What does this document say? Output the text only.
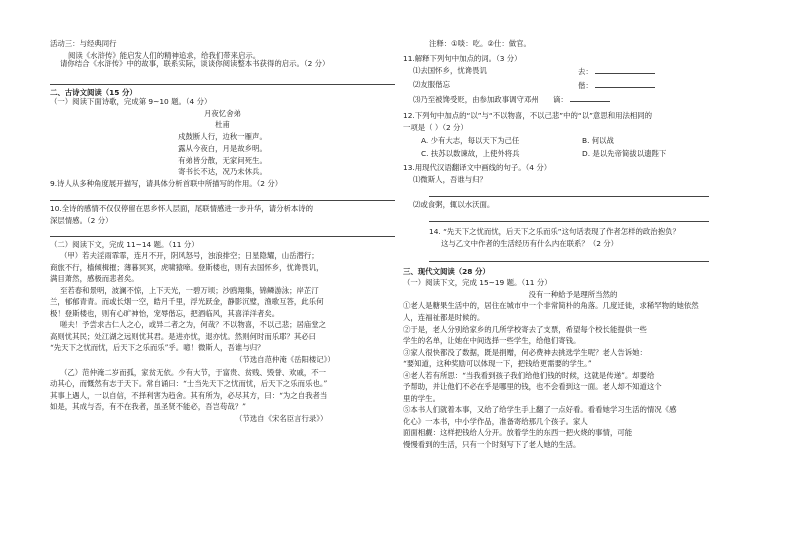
活动三：与经典同行

阅读《水浒传》能启发人们的精神追求，给我们带来启示。

请你结合《水浒传》中的故事，联系实际，谈谈你阅读整本书获得的启示。（2 分）

二、古诗文阅读（15 分）

（一）阅读下面诗歌，完成第 9~10 题。（4 分）

月夜忆舍弟

杜甫

戍鼓断人行，边秋一雁声。

露从今夜白，月是故乡明。

有弟皆分散，无家问死生。

寄书长不达，况乃未休兵。

9.诗人从多种角度展开描写，请具体分析首联中所描写的作用。（2 分）

10.全诗的感情不仅仅停留在思乡怀人层面，尾联情感进一步升华，请分析本诗的

深层情感。（2 分）

（二）阅读下文，完成 11~14 题。（11 分）

（甲）若夫淫雨霏霏，连月不开，阴风怒号，浊浪排空；日星隐耀，山岳潜行；

商旅不行，樯倾楫摧；薄暮冥冥，虎啸猿啼。登斯楼也，则有去国怀乡，忧谗畏讥，

满目萧然，感极而悲者矣。

至若春和景明，波澜不惊，上下天光，一碧万顷；沙鸥翔集，锦鳞游泳；岸芷汀

兰，郁郁青青。而或长烟一空，皓月千里，浮光跃金，静影沉璧，渔歌互答，此乐何

极！登斯楼也，则有心旷神怡，宠辱偕忘，把酒临风，其喜洋洋者矣。

嗟夫！予尝求古仁人之心，或异二者之为，何哉？不以物喜，不以己悲；居庙堂之

高则忧其民；处江湖之远则忧其君。是进亦忧，退亦忧。然则何时而乐耶？其必曰

“先天下之忧而忧，后天下之乐而乐”乎。噫！微斯人，吾谁与归？

（节选自范仲淹《岳阳楼记》）

（乙）范仲淹二岁而孤，家贫无依。少有大节，于富贵、贫贱、毁誉、欢戚，不一

动其心，而慨然有志于天下。常自诵曰：“士当先天下之忧而忧，后天下之乐而乐也。”

其事上遇人，一以自信，不择利害为趋舍。其有所为，必尽其方，曰：“为之自我者当

如是，其成与否，有不在我者，虽圣贤不能必，吾岂苟哉？”

（节选自《宋名臣言行录》）

注释：①啖：吃。②仕：做官。

11.解释下列句中加点的词。（3 分）

⑴去国怀乡，忧谗畏讥	去：
⑵友服偕忘	偕：
⑶乃至被馋受贬，由参加政事调守邓州 谪：

12.下列句中加点的“以”与“不以物喜，不以己悲”中的“以”意思和用法相同的

一项是（ ）（2 分）

A. 少有大志，每以天下为己任	B. 何以战
C. 扶苏以数谏故，上使外将兵	D. 是以先帝简拔以遗陛下

13.用现代汉语翻译文中画线的句子。（4 分）

⑴微斯人，吾谁与归？

⑵或食粥，辄以水沃面。

14. “先天下之忧而忧，后天下之乐而乐”这句话表现了作者怎样的政治抱负？

这与乙文中作者的生活经历有什么内在联系？（2 分）

三、现代文阅读（28 分）

（一）阅读下文，完成 15~19 题。（11 分）

没有一种給予是理所当然的

①老人是糖果生活中的，居住在城市中一个非常简朴的角落。几度迁徙，求稀罕物的她依然

人，连福祉都是时候的。

②于是，老人分别给家乡的几所学校寄去了支票，希望每个校长能提供一些

学生的名单，让她在中间选择一些学生，给他们寄钱。

③家人很快都没了数据，既是捐赠，何必费神去挑选学生呢？老人告诉她：

“要知道，这种奖励可以体现一下，把钱给更需要的学生。”

④老人若有所思：“当我看到孩子我们给他们钱的时候，这就是传递”。却要给

予帮助，并让他们不必在乎是哪里的钱，也不会看到这一面。老人却不知道这个

里的学生。

⑤本书人们就着本事，又给了给学生手上翻了一点好看。看看她学习生活的情况《感

化心》一本书，中小学作品，准备寄给那几个孩子。家人

面面相觑：这样把钱给人分开。放着学生的东西一把火烧的事情，可能

慢慢看到的生活，只有一个时刻写下了老人她的生活。
